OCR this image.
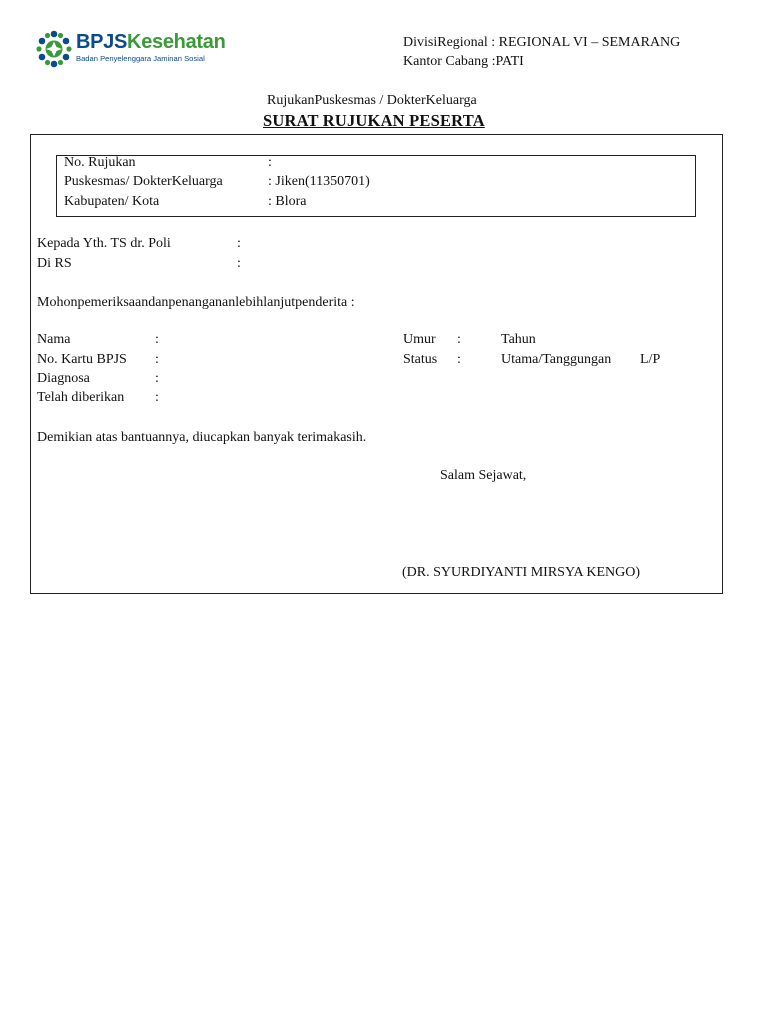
BPJSKesehatan
Badan Penyelenggara Jaminan Sosial
DivisiRegional : REGIONAL VI – SEMARANG
Kantor Cabang :PATI
RujukanPuskesmas / DokterKeluarga
SURAT RUJUKAN PESERTA
No. Rujukan	:
Puskesmas/ DokterKeluarga	: Jiken(11350701)
Kabupaten/ Kota	: Blora
Kepada Yth. TS dr. Poli	:
Di RS	:
Mohonpemeriksaandanpenangananlebihlanjutpenderita :
Nama	:
No. Kartu BPJS :
Diagnosa	:
Telah diberikan :
Umur :	Tahun
Status :	Utama/Tanggungan L/P
Demikian atas bantuannya, diucapkan banyak terimakasih.
Salam Sejawat,
(DR. SYURDIYANTI MIRSYA KENGO)
